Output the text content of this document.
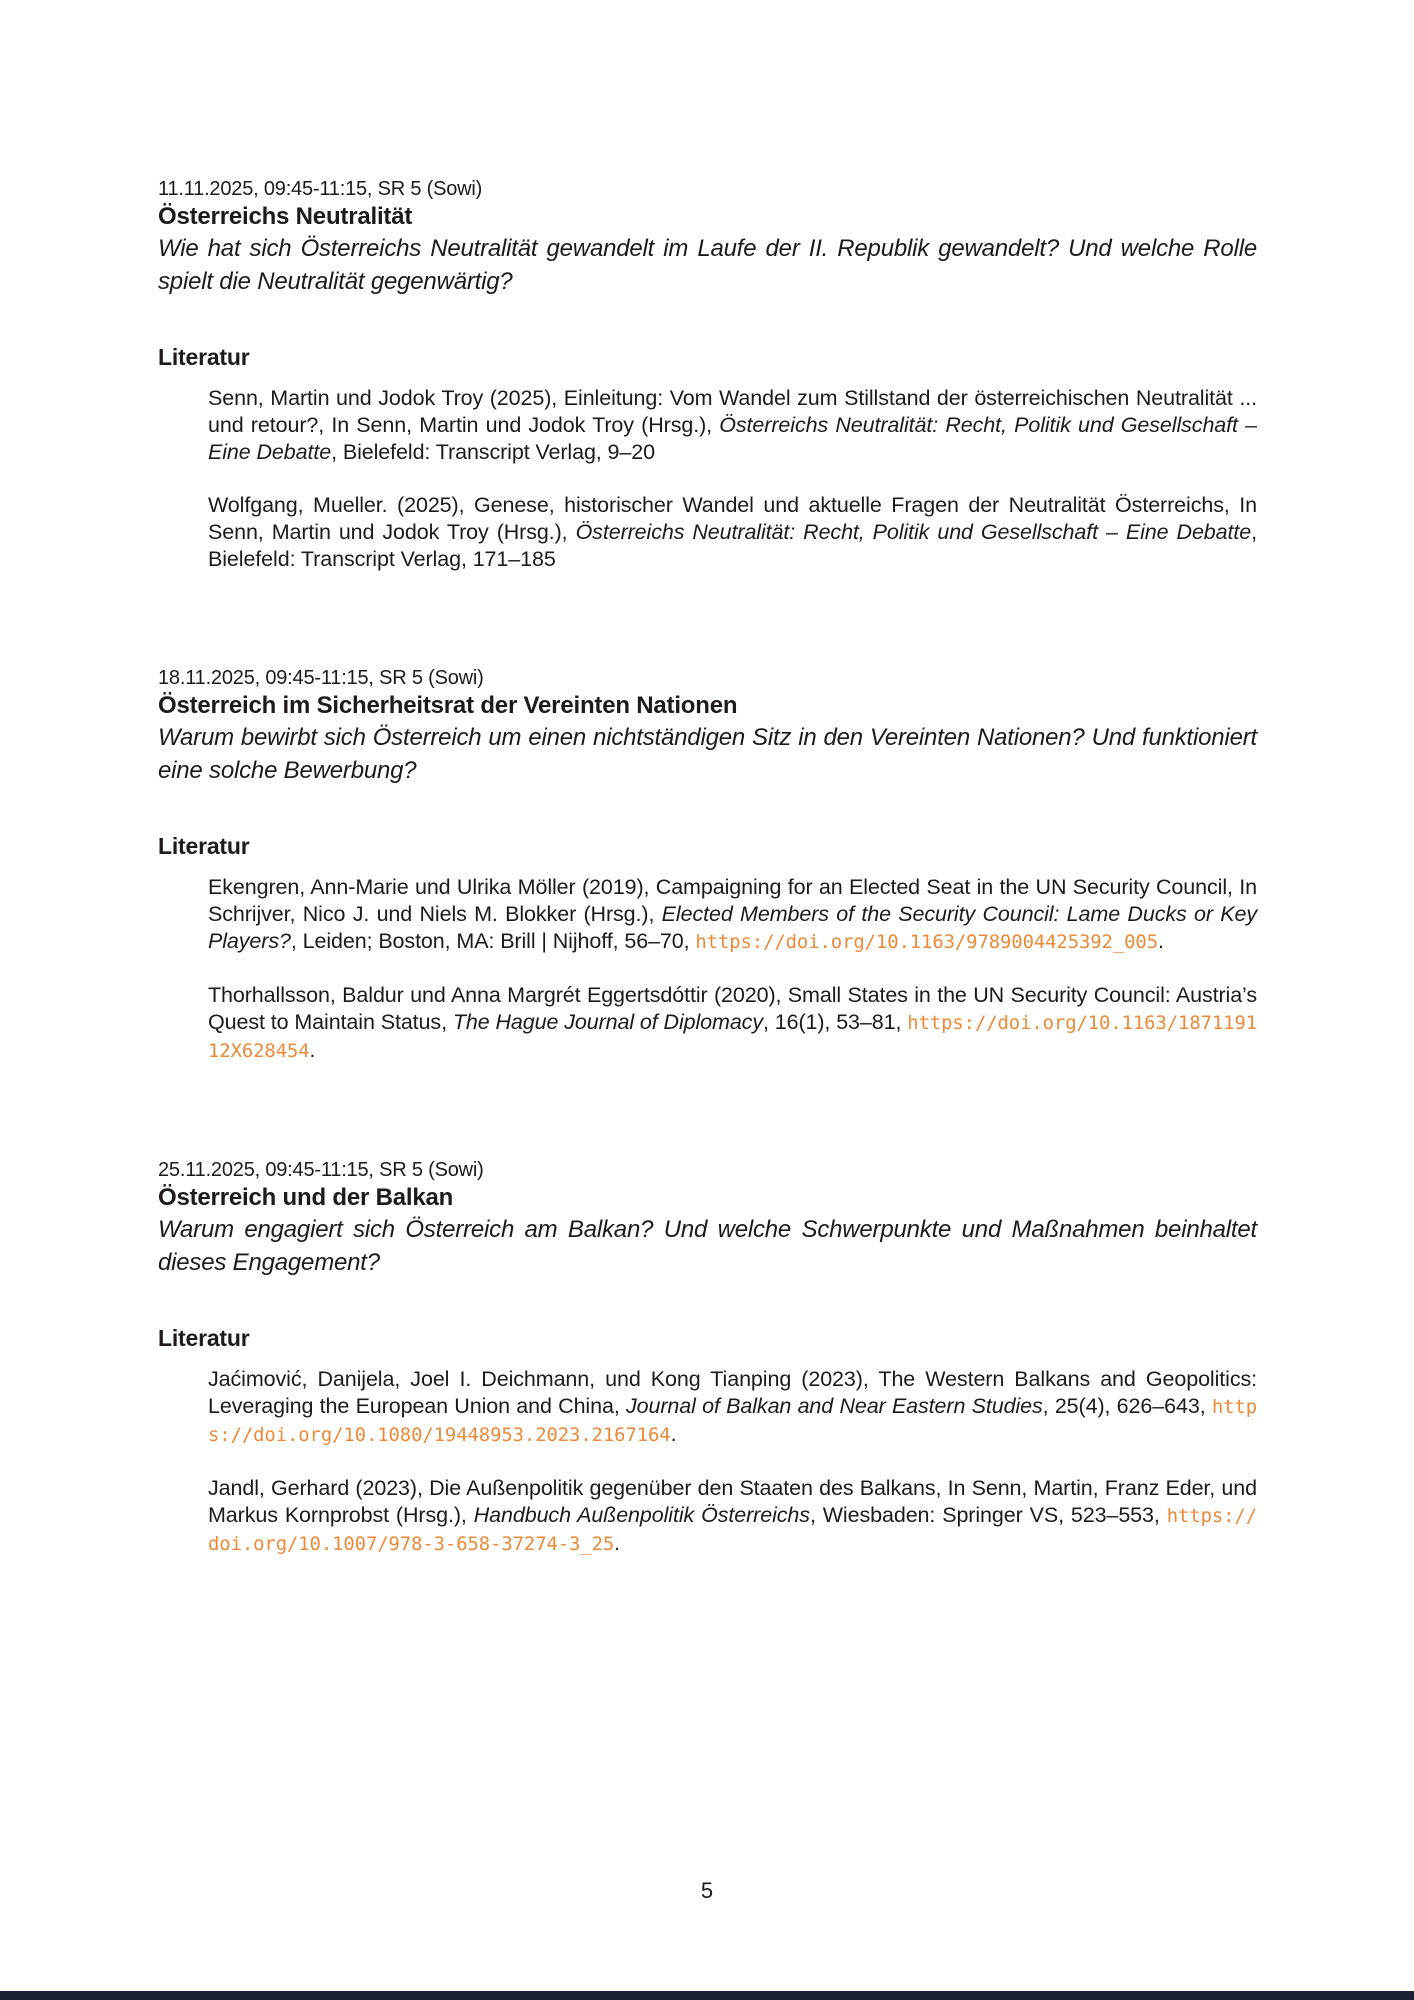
11.11.2025, 09:45-11:15, SR 5 (Sowi)
Österreichs Neutralität
Wie hat sich Österreichs Neutralität gewandelt im Laufe der II. Republik gewandelt? Und welche Rolle spielt die Neutralität gegenwärtig?
Literatur

Senn, Martin und Jodok Troy (2025), Einleitung: Vom Wandel zum Stillstand der österreichischen Neutralität ... und retour?, In Senn, Martin und Jodok Troy (Hrsg.), Österreichs Neutralität: Recht, Politik und Gesellschaft – Eine Debatte, Bielefeld: Transcript Verlag, 9–20

Wolfgang, Mueller. (2025), Genese, historischer Wandel und aktuelle Fragen der Neutralität Österreichs, In Senn, Martin und Jodok Troy (Hrsg.), Österreichs Neutralität: Recht, Politik und Gesellschaft – Eine Debatte, Bielefeld: Transcript Verlag, 171–185

18.11.2025, 09:45-11:15, SR 5 (Sowi)
Österreich im Sicherheitsrat der Vereinten Nationen
Warum bewirbt sich Österreich um einen nichtständigen Sitz in den Vereinten Nationen? Und funktioniert eine solche Bewerbung?
Literatur

Ekengren, Ann-Marie und Ulrika Möller (2019), Campaigning for an Elected Seat in the UN Security Council, In Schrijver, Nico J. und Niels M. Blokker (Hrsg.), Elected Members of the Security Council: Lame Ducks or Key Players?, Leiden; Boston, MA: Brill | Nijhoff, 56–70, https://doi.org/10.1163/9789004425392_005.

Thorhallsson, Baldur und Anna Margrét Eggertsdóttir (2020), Small States in the UN Security Council: Austria’s Quest to Maintain Status, The Hague Journal of Diplomacy, 16(1), 53–81, https://doi.org/10.1163/187119112X628454.

25.11.2025, 09:45-11:15, SR 5 (Sowi)
Österreich und der Balkan
Warum engagiert sich Österreich am Balkan? Und welche Schwerpunkte und Maßnahmen beinhaltet dieses Engagement?
Literatur

Jaćimović, Danijela, Joel I. Deichmann, und Kong Tianping (2023), The Western Balkans and Geopolitics: Leveraging the European Union and China, Journal of Balkan and Near Eastern Studies, 25(4), 626–643, https://doi.org/10.1080/19448953.2023.2167164.

Jandl, Gerhard (2023), Die Außenpolitik gegenüber den Staaten des Balkans, In Senn, Martin, Franz Eder, und Markus Kornprobst (Hrsg.), Handbuch Außenpolitik Österreichs, Wiesbaden: Springer VS, 523–553, https://doi.org/10.1007/978-3-658-37274-3_25.

5
